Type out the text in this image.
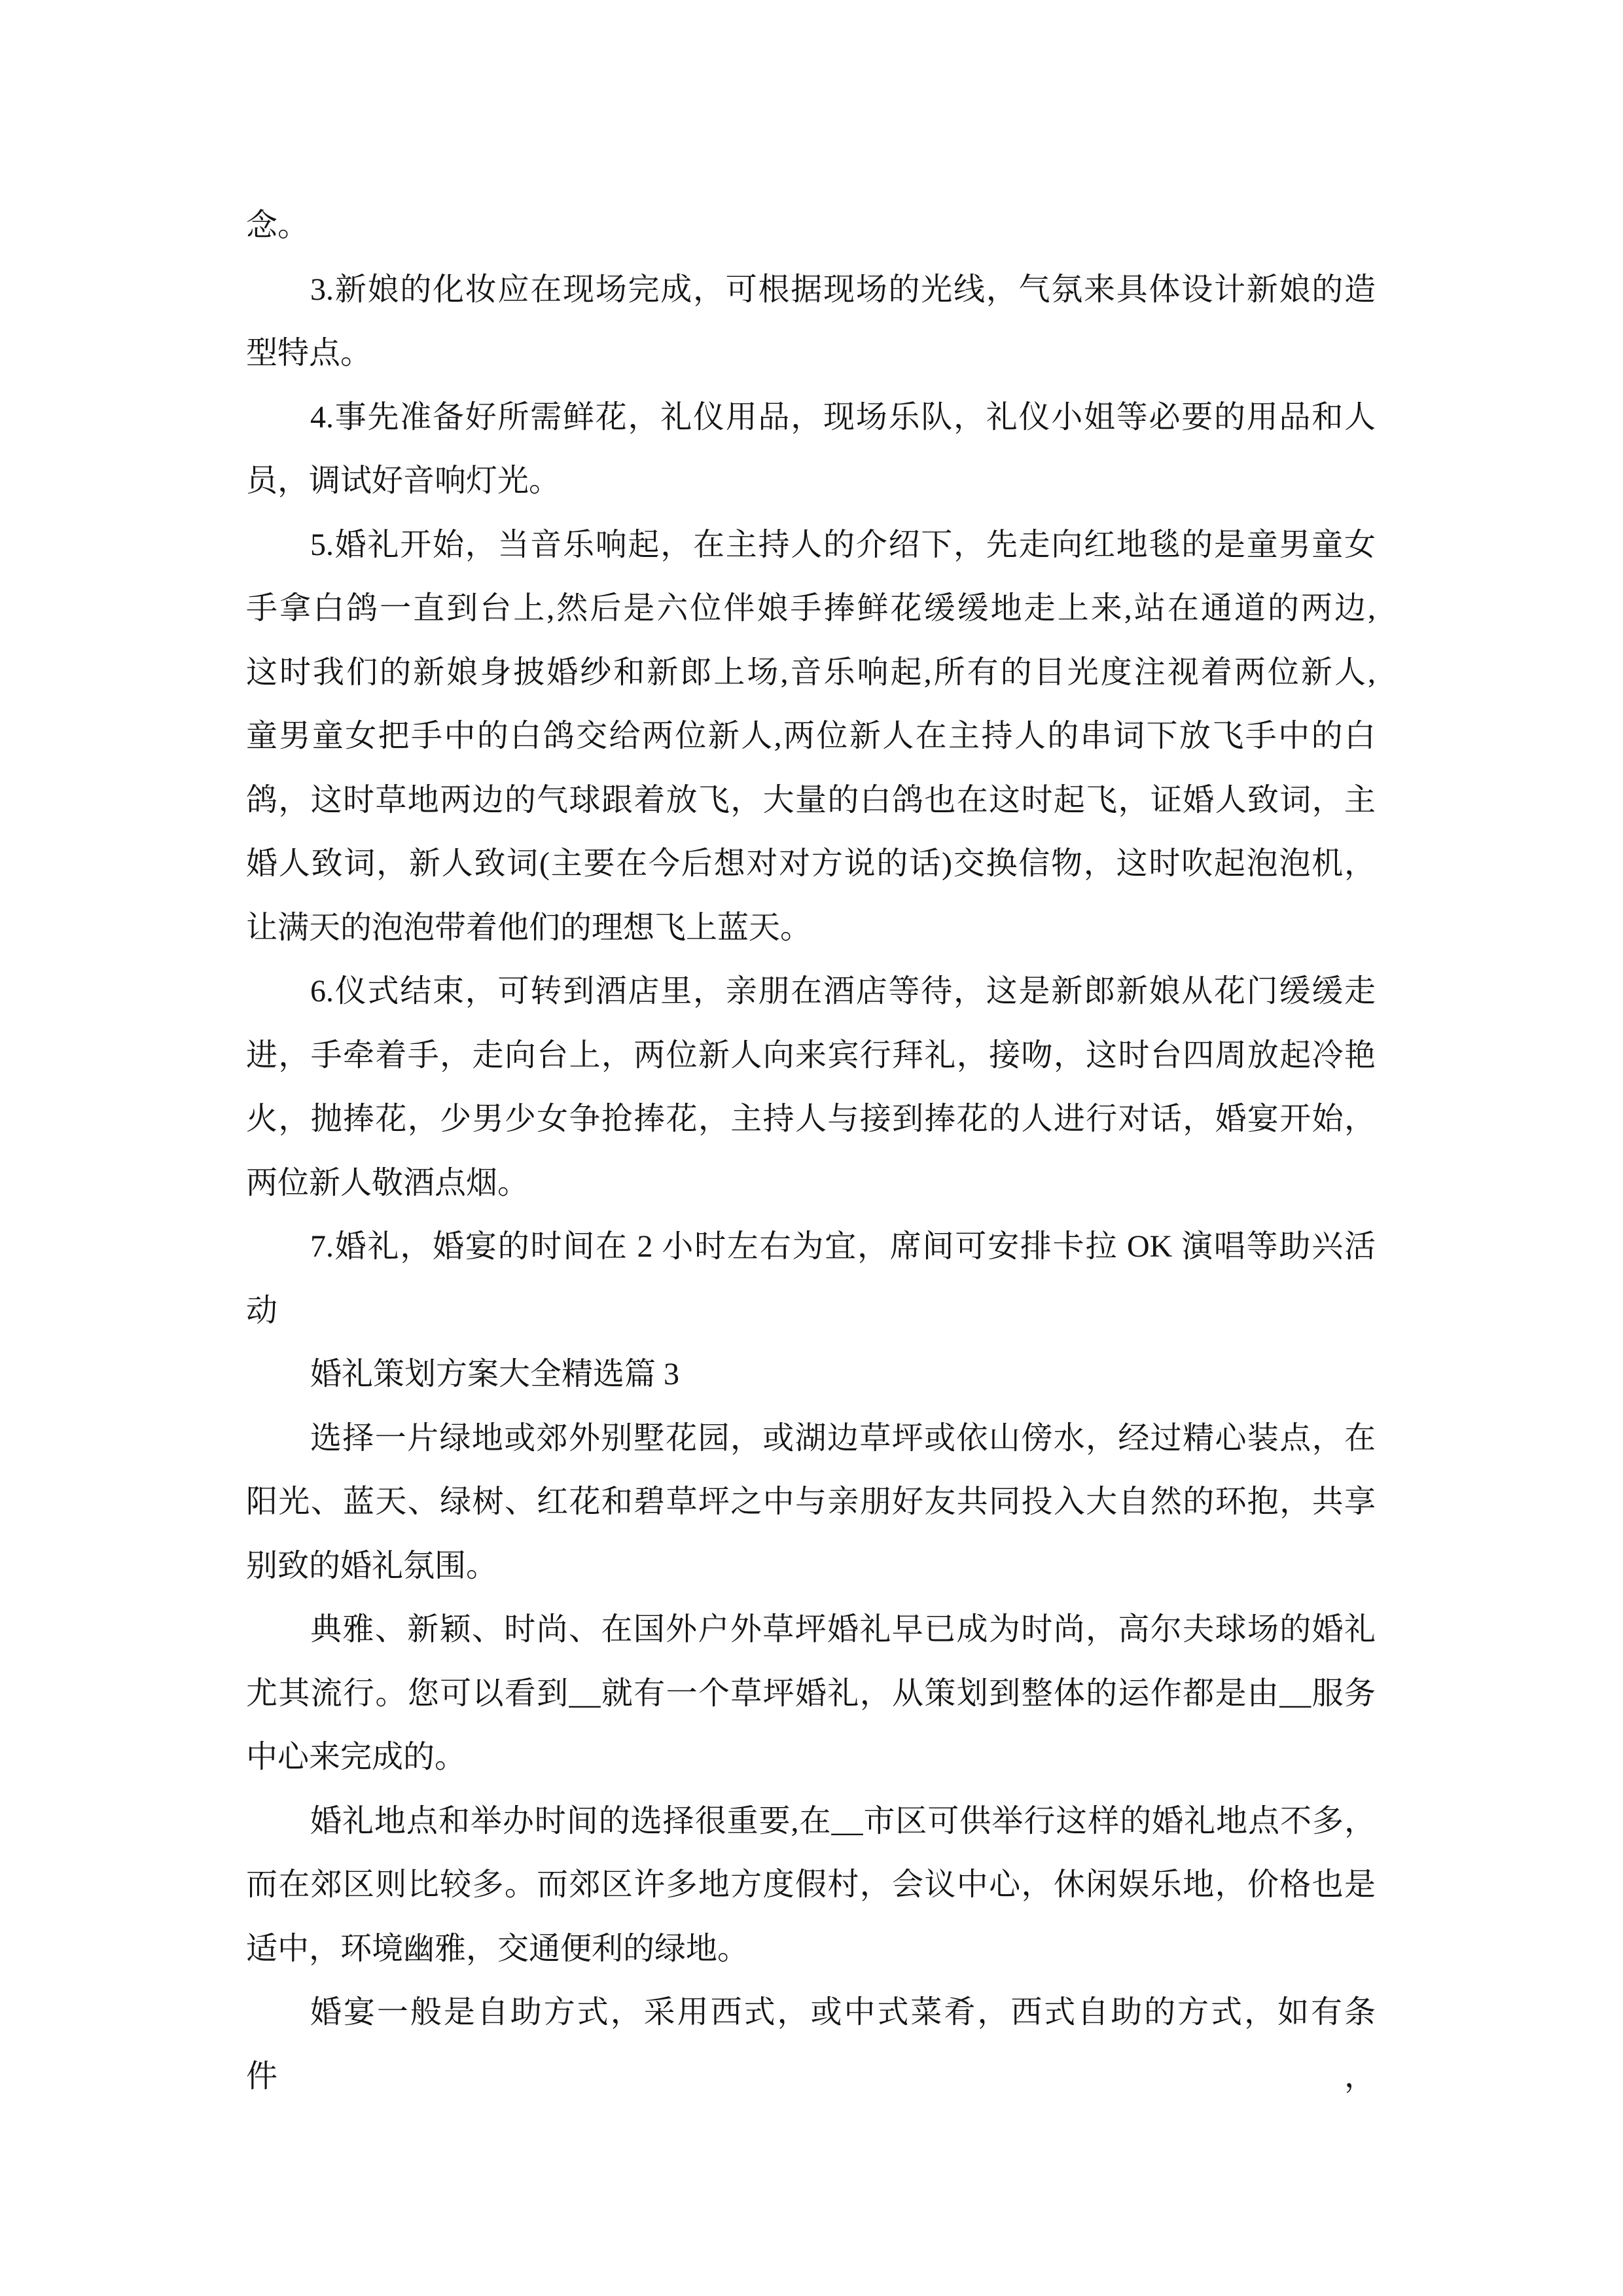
念。
3.新娘的化妆应在现场完成，可根据现场的光线，气氛来具体设计新娘的造
型特点。
4.事先准备好所需鲜花，礼仪用品，现场乐队，礼仪小姐等必要的用品和人
员，调试好音响灯光。
5.婚礼开始，当音乐响起，在主持人的介绍下，先走向红地毯的是童男童女
手拿白鸽一直到台上,然后是六位伴娘手捧鲜花缓缓地走上来,站在通道的两边,
这时我们的新娘身披婚纱和新郎上场,音乐响起,所有的目光度注视着两位新人,
童男童女把手中的白鸽交给两位新人,两位新人在主持人的串词下放飞手中的白
鸽，这时草地两边的气球跟着放飞，大量的白鸽也在这时起飞，证婚人致词，主
婚人致词，新人致词(主要在今后想对对方说的话)交换信物，这时吹起泡泡机，
让满天的泡泡带着他们的理想飞上蓝天。
6.仪式结束，可转到酒店里，亲朋在酒店等待，这是新郎新娘从花门缓缓走
进，手牵着手，走向台上，两位新人向来宾行拜礼，接吻，这时台四周放起冷艳
火，抛捧花，少男少女争抢捧花，主持人与接到捧花的人进行对话，婚宴开始，
两位新人敬酒点烟。
7.婚礼，婚宴的时间在 2 小时左右为宜，席间可安排卡拉 OK 演唱等助兴活
动
婚礼策划方案大全精选篇 3
选择一片绿地或郊外别墅花园，或湖边草坪或依山傍水，经过精心装点，在
阳光、蓝天、绿树、红花和碧草坪之中与亲朋好友共同投入大自然的环抱，共享
别致的婚礼氛围。
典雅、新颖、时尚、在国外户外草坪婚礼早已成为时尚，高尔夫球场的婚礼
尤其流行。您可以看到__就有一个草坪婚礼，从策划到整体的运作都是由__服务
中心来完成的。
婚礼地点和举办时间的选择很重要,在__市区可供举行这样的婚礼地点不多，
而在郊区则比较多。而郊区许多地方度假村，会议中心，休闲娱乐地，价格也是
适中，环境幽雅，交通便利的绿地。
婚宴一般是自助方式，采用西式，或中式菜肴，西式自助的方式，如有条件，
